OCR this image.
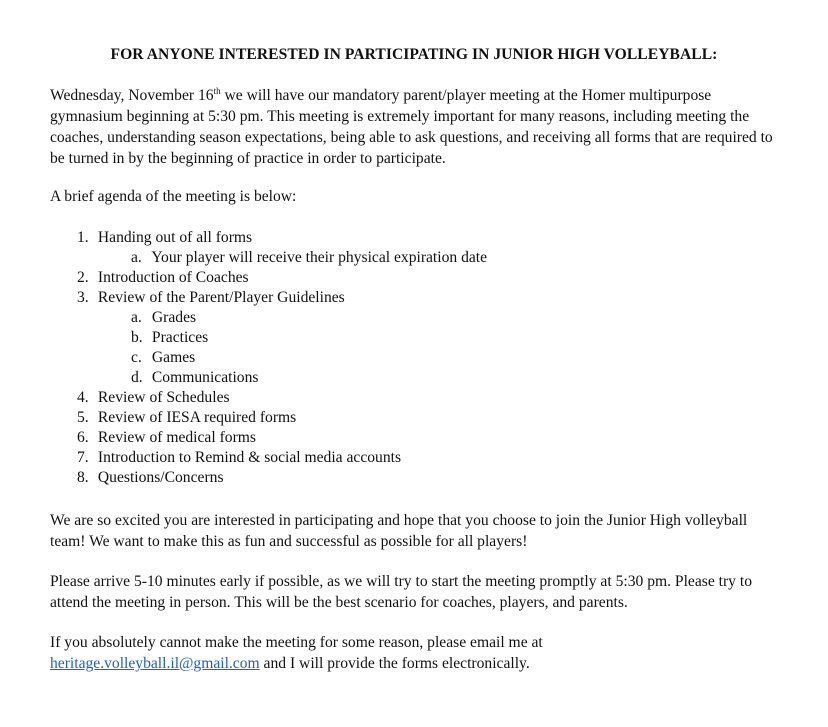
FOR ANYONE INTERESTED IN PARTICIPATING IN JUNIOR HIGH VOLLEYBALL:

Wednesday, November 16th we will have our mandatory parent/player meeting at the Homer multipurpose gymnasium beginning at 5:30 pm. This meeting is extremely important for many reasons, including meeting the coaches, understanding season expectations, being able to ask questions, and receiving all forms that are required to be turned in by the beginning of practice in order to participate.

A brief agenda of the meeting is below:

1. Handing out of all forms
a. Your player will receive their physical expiration date
2. Introduction of Coaches
3. Review of the Parent/Player Guidelines
a. Grades
b. Practices
c. Games
d. Communications
4. Review of Schedules
5. Review of IESA required forms
6. Review of medical forms
7. Introduction to Remind & social media accounts
8. Questions/Concerns

We are so excited you are interested in participating and hope that you choose to join the Junior High volleyball team! We want to make this as fun and successful as possible for all players!

Please arrive 5-10 minutes early if possible, as we will try to start the meeting promptly at 5:30 pm. Please try to attend the meeting in person. This will be the best scenario for coaches, players, and parents.

If you absolutely cannot make the meeting for some reason, please email me at
heritage.volleyball.il@gmail.com and I will provide the forms electronically.
